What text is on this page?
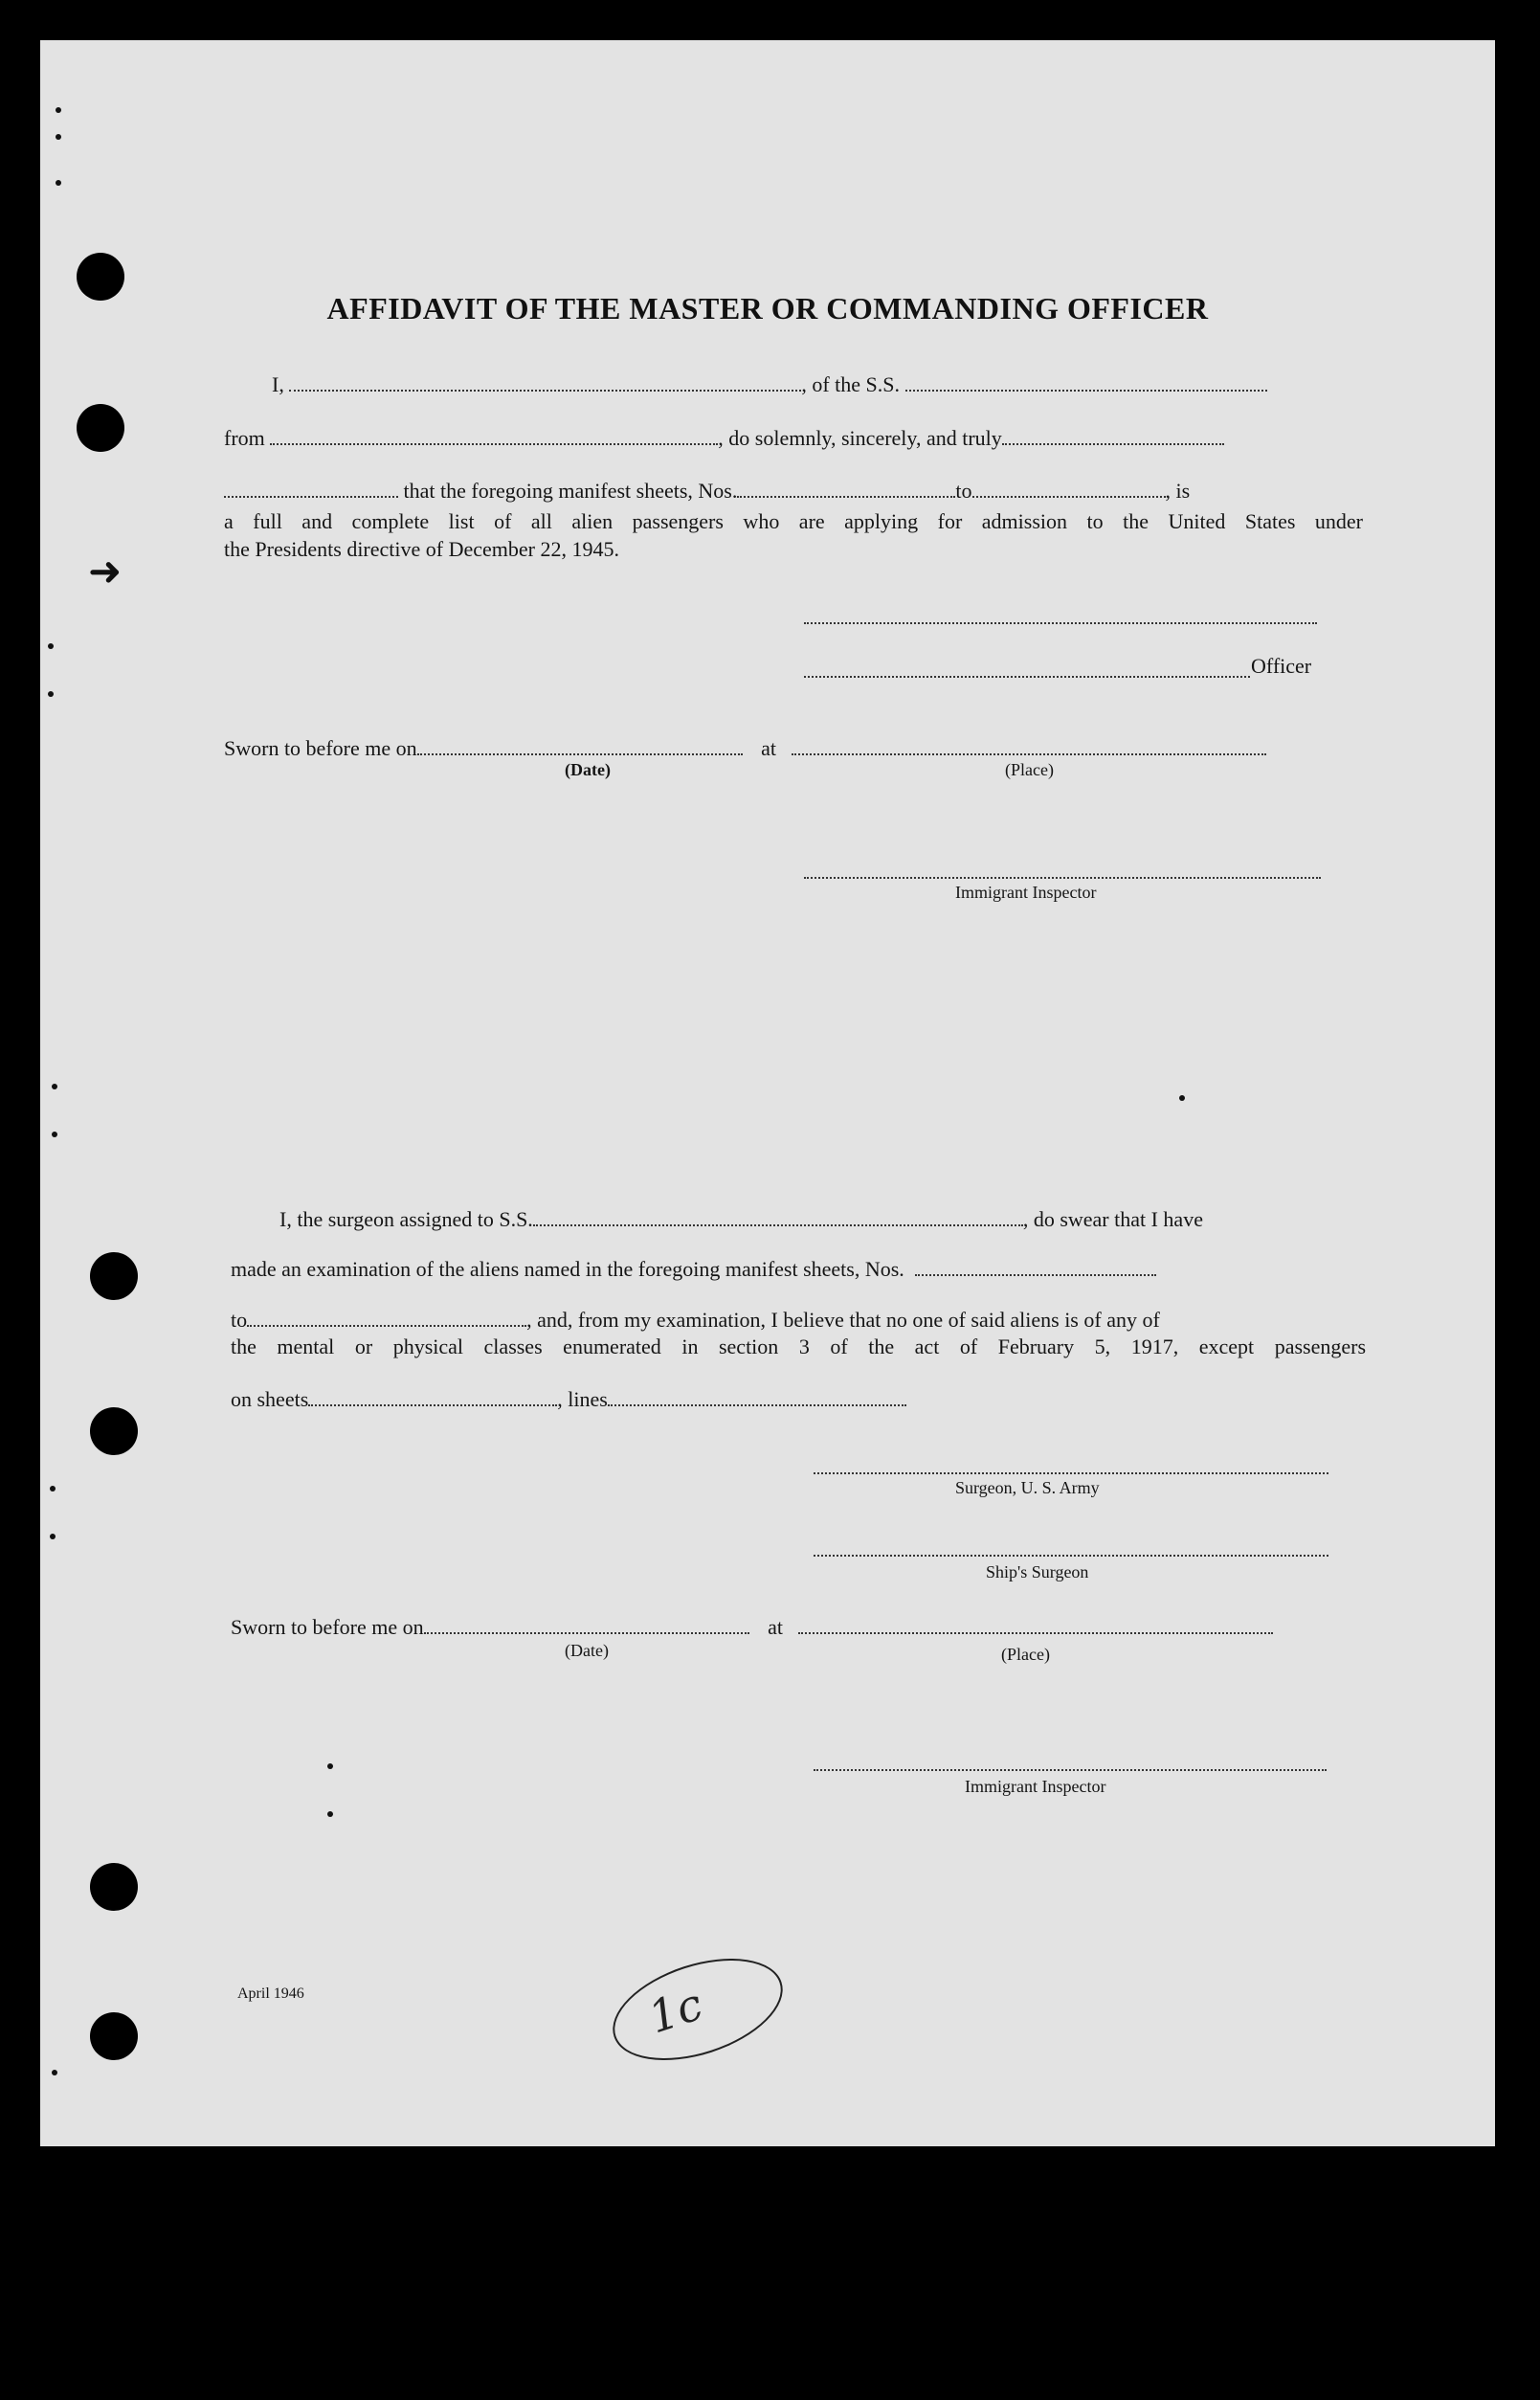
➜
AFFIDAVIT OF THE MASTER OR COMMANDING OFFICER
I,	, of the S.S.
from	, do solemnly, sincerely, and truly
that the foregoing manifest sheets, Nos.	to	, is
a full and complete list of all alien passengers who are applying for admission to the United States under
the Presidents directive of December 22, 1945.
Officer
Sworn to before me on	at
(Date)	(Place)
Immigrant Inspector
I, the surgeon assigned to S.S.	, do swear that I have
made an examination of the aliens named in the foregoing manifest sheets, Nos.
to	, and, from my examination, I believe that no one of said aliens is of any of
the mental or physical classes enumerated in section 3 of the act of February 5, 1917, except passengers
on sheets	, lines
Surgeon, U. S. Army
Ship's Surgeon
Sworn to before me on	at
(Date)	(Place)
Immigrant Inspector
April 1946	1c
